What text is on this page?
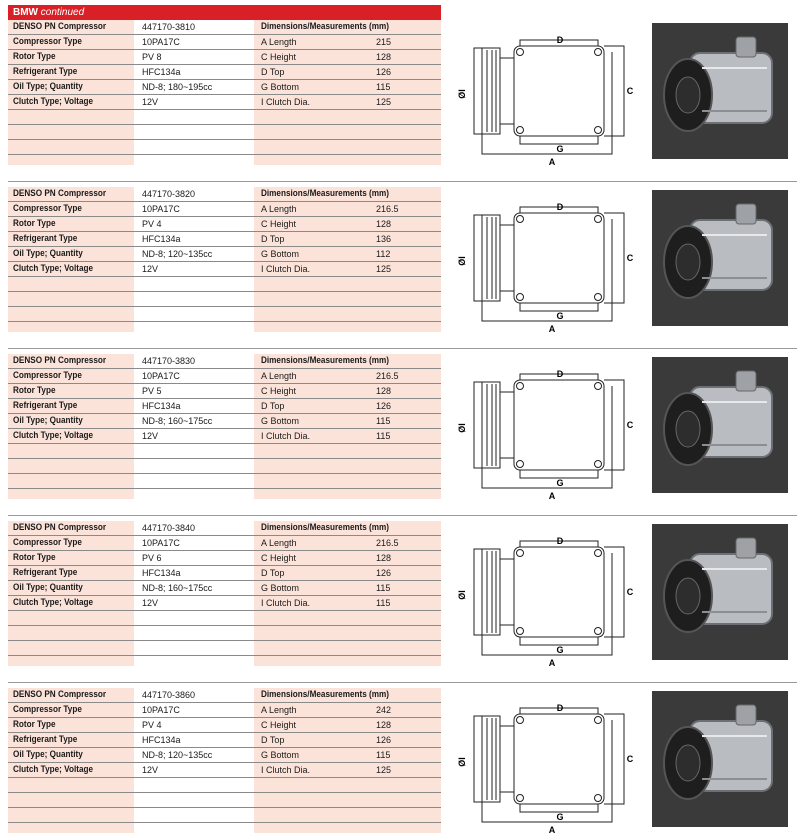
BMW continued
DENSO PN Compressor	447170-3810	Dimensions/Measurements (mm)
Compressor Type	10PA17C	A Length	215
Rotor Type	PV 8	C Height	128
Refrigerant Type	HFC134a	D Top	126
Oil Type; Quantity	ND-8; 180~195cc	G Bottom	115
Clutch Type; Voltage	12V	I Clutch Dia.	125
D
G
A
C
ØI
DENSO PN Compressor	447170-3820	Dimensions/Measurements (mm)
Compressor Type	10PA17C	A Length	216.5
Rotor Type	PV 4	C Height	128
Refrigerant Type	HFC134a	D Top	136
Oil Type; Quantity	ND-8; 120~135cc	G Bottom	112
Clutch Type; Voltage	12V	I Clutch Dia.	125
D
G
A
C
ØI
DENSO PN Compressor	447170-3830	Dimensions/Measurements (mm)
Compressor Type	10PA17C	A Length	216.5
Rotor Type	PV 5	C Height	128
Refrigerant Type	HFC134a	D Top	126
Oil Type; Quantity	ND-8; 160~175cc	G Bottom	115
Clutch Type; Voltage	12V	I Clutch Dia.	115
D
G
A
C
ØI
DENSO PN Compressor	447170-3840	Dimensions/Measurements (mm)
Compressor Type	10PA17C	A Length	216.5
Rotor Type	PV 6	C Height	128
Refrigerant Type	HFC134a	D Top	126
Oil Type; Quantity	ND-8; 160~175cc	G Bottom	115
Clutch Type; Voltage	12V	I Clutch Dia.	115
D
G
A
C
ØI
DENSO PN Compressor	447170-3860	Dimensions/Measurements (mm)
Compressor Type	10PA17C	A Length	242
Rotor Type	PV 4	C Height	128
Refrigerant Type	HFC134a	D Top	126
Oil Type; Quantity	ND-8; 120~135cc	G Bottom	115
Clutch Type; Voltage	12V	I Clutch Dia.	125
D
G
A
C
ØI
